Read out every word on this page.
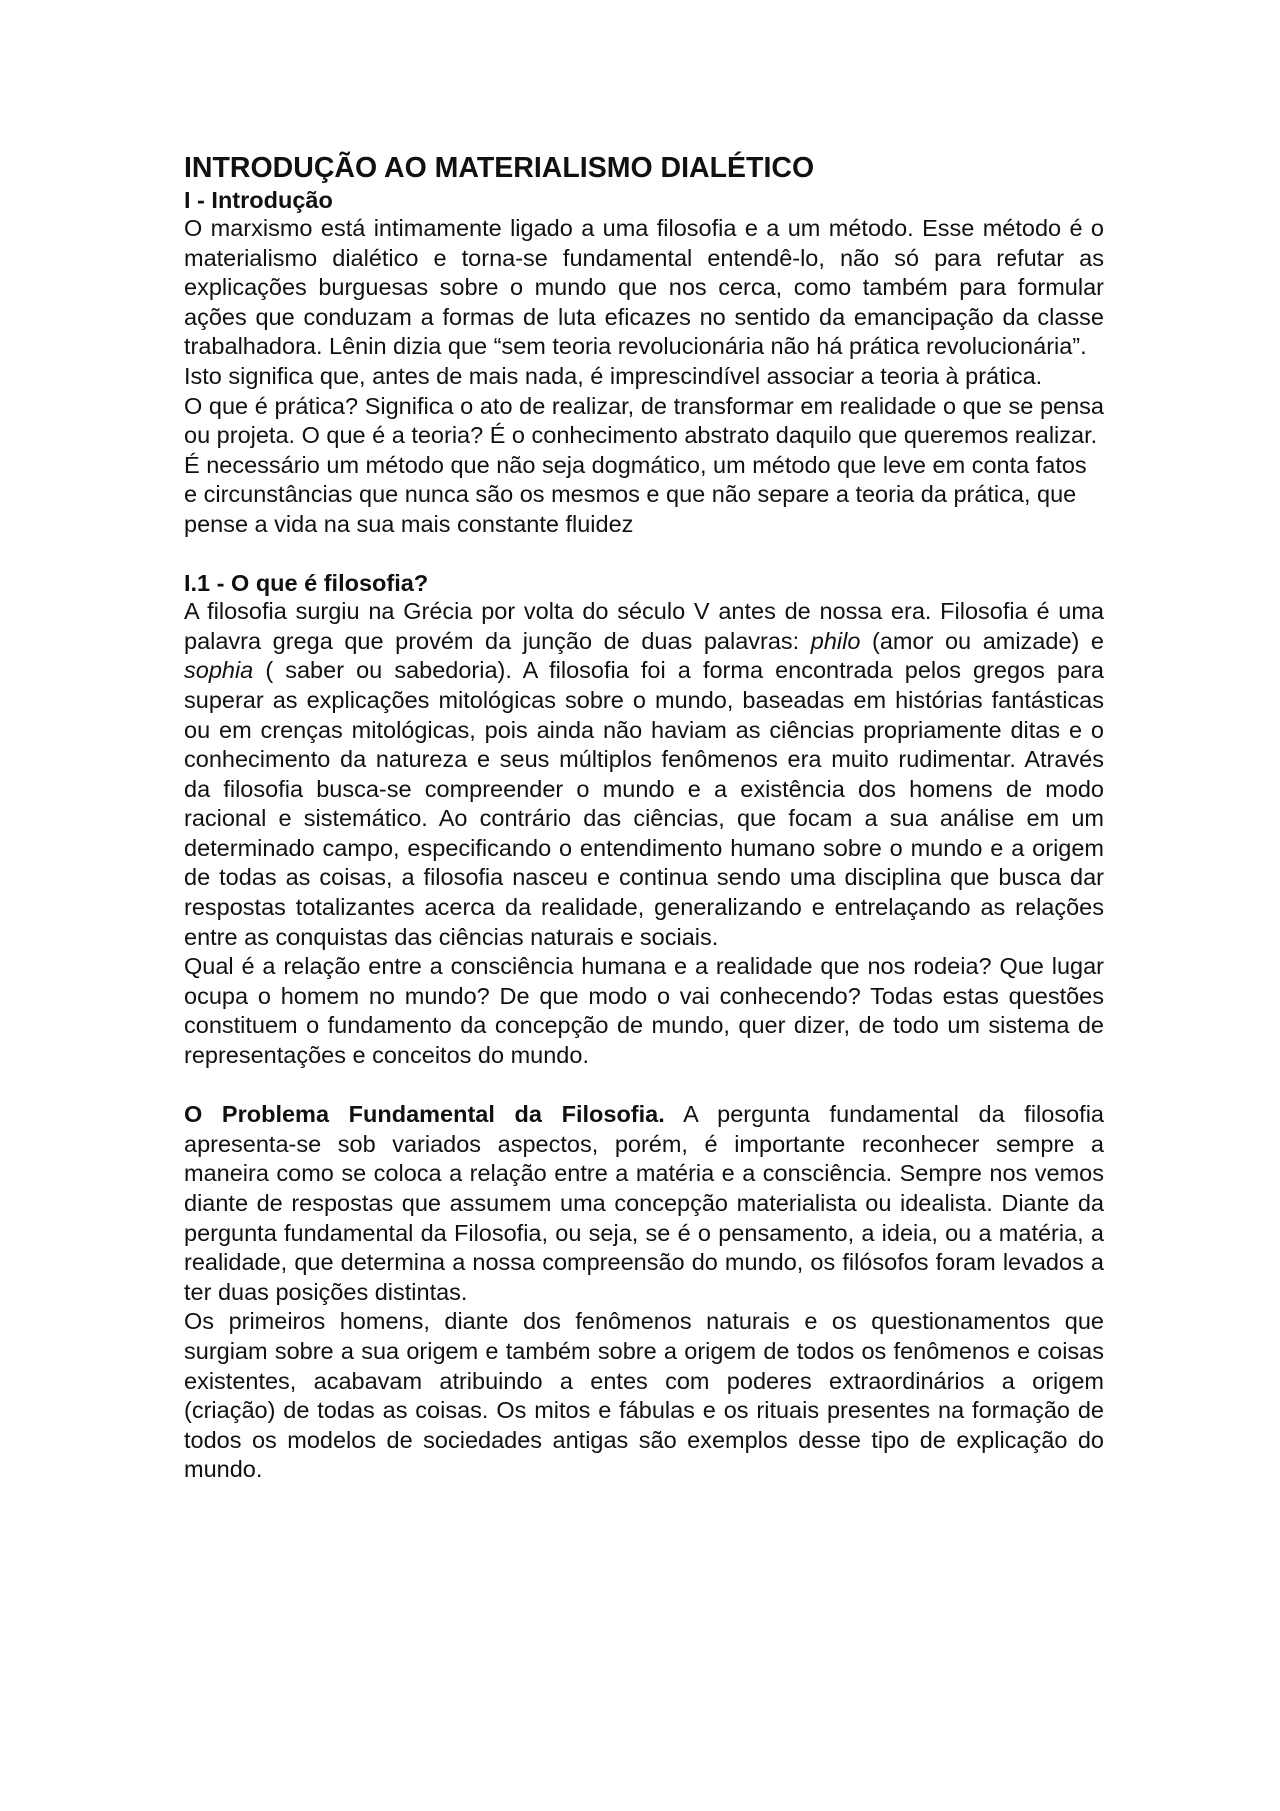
INTRODUÇÃO AO MATERIALISMO DIALÉTICO
I - Introdução

O marxismo está intimamente ligado a uma filosofia e a um método. Esse método é o materialismo dialético e torna-se fundamental entendê-lo, não só para refutar as explicações burguesas sobre o mundo que nos cerca, como também para formular ações que conduzam a formas de luta eficazes no sentido da emancipação da classe trabalhadora. Lênin dizia que “sem teoria revolucionária não há prática revolucionária”.

Isto significa que, antes de mais nada, é imprescindível associar a teoria à prática.

O que é prática? Significa o ato de realizar, de transformar em realidade o que se pensa ou projeta. O que é a teoria? É o conhecimento abstrato daquilo que queremos realizar.

É necessário um método que não seja dogmático, um método que leve em conta fatos e circunstâncias que nunca são os mesmos e que não separe a teoria da prática, que pense a vida na sua mais constante fluidez

I.1 - O que é filosofia?

A filosofia surgiu na Grécia por volta do século V antes de nossa era. Filosofia é uma palavra grega que provém da junção de duas palavras: philo (amor ou amizade) e sophia ( saber ou sabedoria). A filosofia foi a forma encontrada pelos gregos para superar as explicações mitológicas sobre o mundo, baseadas em histórias fantásticas ou em crenças mitológicas, pois ainda não haviam as ciências propriamente ditas e o conhecimento da natureza e seus múltiplos fenômenos era muito rudimentar. Através da filosofia busca-se compreender o mundo e a existência dos homens de modo racional e sistemático. Ao contrário das ciências, que focam a sua análise em um determinado campo, especificando o entendimento humano sobre o mundo e a origem de todas as coisas, a filosofia nasceu e continua sendo uma disciplina que busca dar respostas totalizantes acerca da realidade, generalizando e entrelaçando as relações entre as conquistas das ciências naturais e sociais.

Qual é a relação entre a consciência humana e a realidade que nos rodeia? Que lugar ocupa o homem no mundo? De que modo o vai conhecendo? Todas estas questões constituem o fundamento da concepção de mundo, quer dizer, de todo um sistema de representações e conceitos do mundo.

O Problema Fundamental da Filosofia. A pergunta fundamental da filosofia apresenta-se sob variados aspectos, porém, é importante reconhecer sempre a maneira como se coloca a relação entre a matéria e a consciência. Sempre nos vemos diante de respostas que assumem uma concepção materialista ou idealista. Diante da pergunta fundamental da Filosofia, ou seja, se é o pensamento, a ideia, ou a matéria, a realidade, que determina a nossa compreensão do mundo, os filósofos foram levados a ter duas posições distintas.

Os primeiros homens, diante dos fenômenos naturais e os questionamentos que surgiam sobre a sua origem e também sobre a origem de todos os fenômenos e coisas existentes, acabavam atribuindo a entes com poderes extraordinários a origem (criação) de todas as coisas. Os mitos e fábulas e os rituais presentes na formação de todos os modelos de sociedades antigas são exemplos desse tipo de explicação do mundo.
